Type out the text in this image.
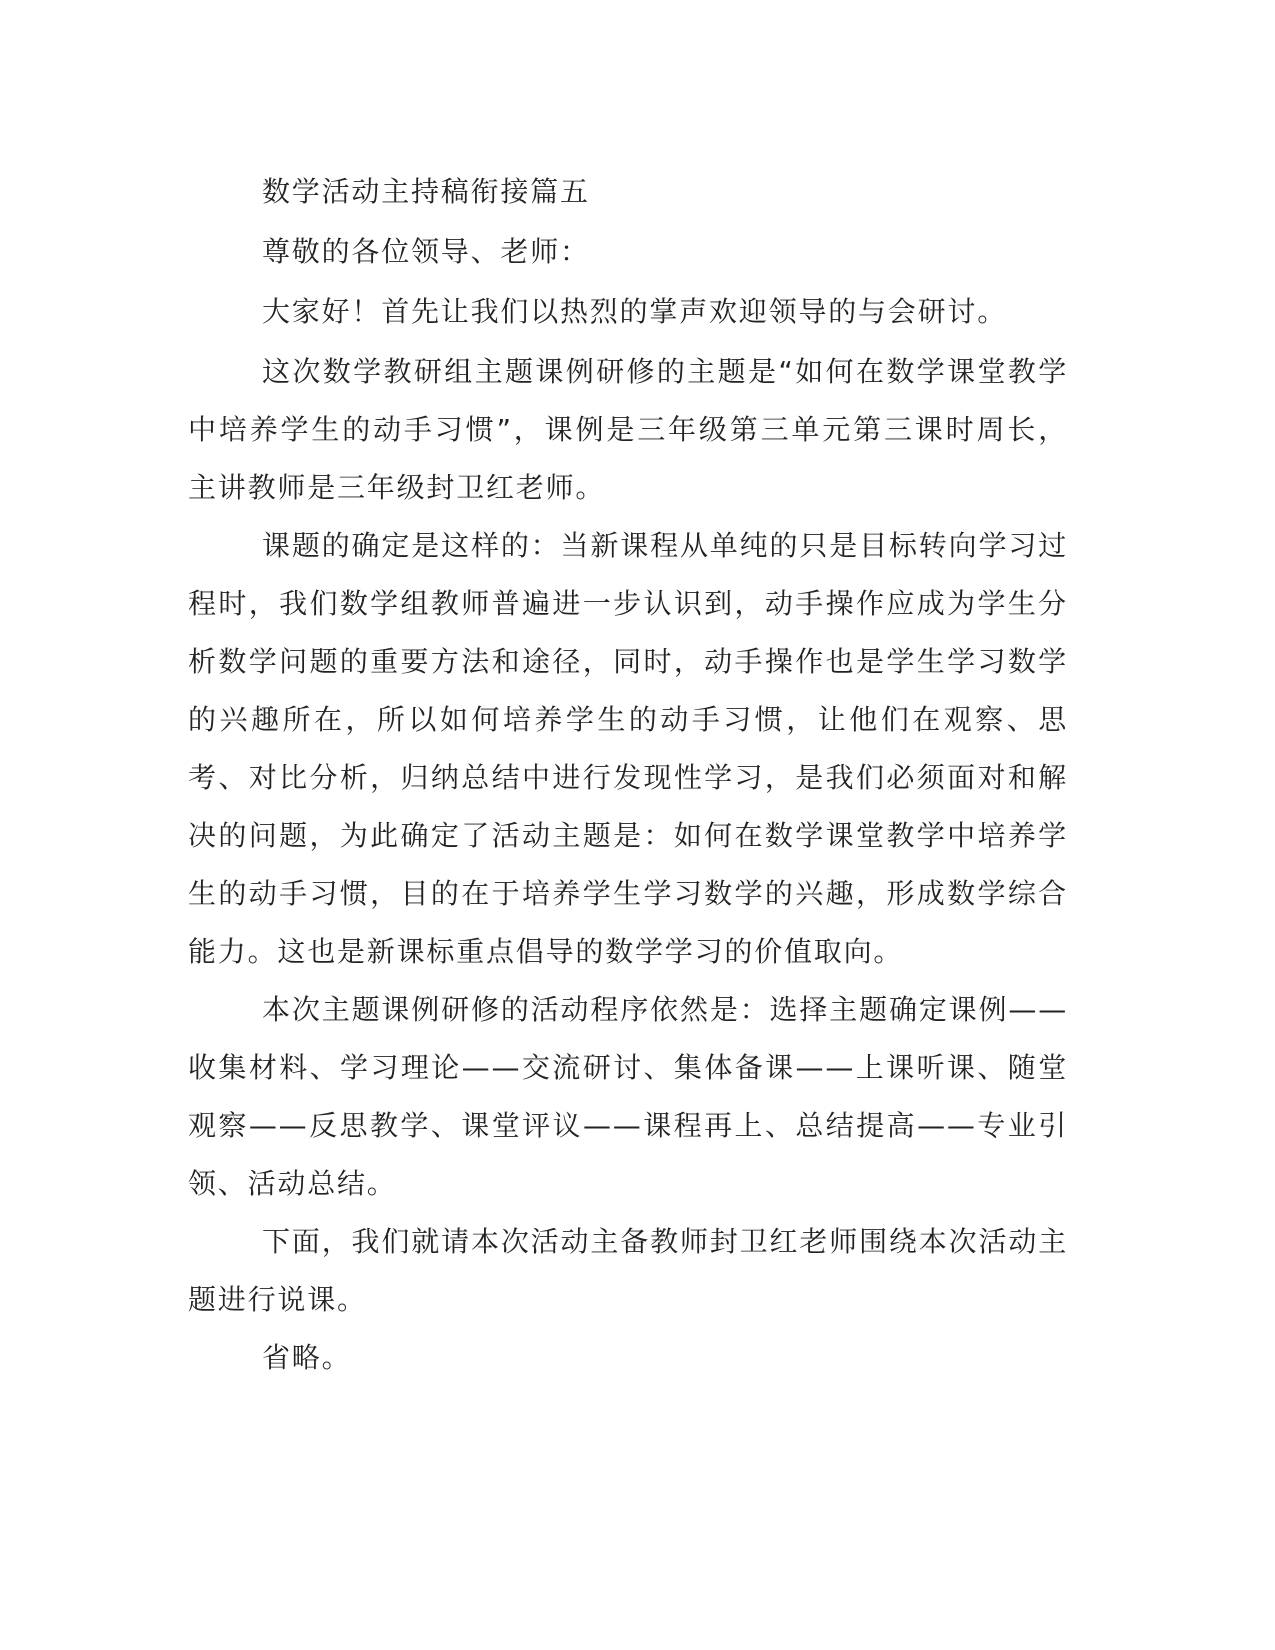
数学活动主持稿衔接篇五

尊敬的各位领导、老师：

大家好！首先让我们以热烈的掌声欢迎领导的与会研讨。

这次数学教研组主题课例研修的主题是“如何在数学课堂教学中培养学生的动手习惯”，课例是三年级第三单元第三课时周长，主讲教师是三年级封卫红老师。

课题的确定是这样的：当新课程从单纯的只是目标转向学习过程时，我们数学组教师普遍进一步认识到，动手操作应成为学生分析数学问题的重要方法和途径，同时，动手操作也是学生学习数学的兴趣所在，所以如何培养学生的动手习惯，让他们在观察、思考、对比分析，归纳总结中进行发现性学习，是我们必须面对和解决的问题，为此确定了活动主题是：如何在数学课堂教学中培养学生的动手习惯，目的在于培养学生学习数学的兴趣，形成数学综合能力。这也是新课标重点倡导的数学学习的价值取向。

本次主题课例研修的活动程序依然是：选择主题确定课例——收集材料、学习理论——交流研讨、集体备课——上课听课、随堂观察——反思教学、课堂评议——课程再上、总结提高——专业引领、活动总结。

下面，我们就请本次活动主备教师封卫红老师围绕本次活动主题进行说课。

省略。
